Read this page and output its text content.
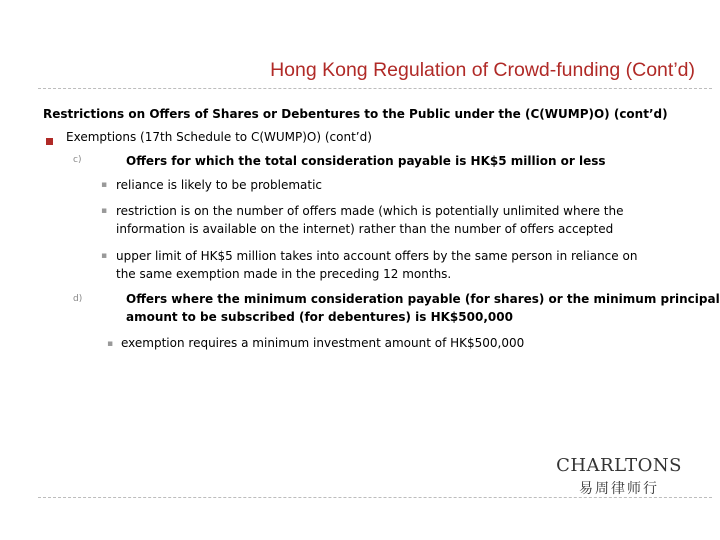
Hong Kong Regulation of Crowd-funding (Cont’d)
Restrictions on Offers of Shares or Debentures to the Public under the (C(WUMP)O) (cont’d)
Exemptions (17th Schedule to C(WUMP)O) (cont’d)
c)	Offers for which the total consideration payable is HK$5 million or less
▪ reliance is likely to be problematic
▪ restriction is on the number of offers made (which is potentially unlimited where the
information is available on the internet) rather than the number of offers accepted
▪ upper limit of HK$5 million takes into account offers by the same person in reliance on
the same exemption made in the preceding 12 months.
d)	Offers where the minimum consideration payable (for shares) or the minimum principal
amount to be subscribed (for debentures) is HK$500,000
▪ exemption requires a minimum investment amount of HK$500,000
CHARLTONS
易周律师行
